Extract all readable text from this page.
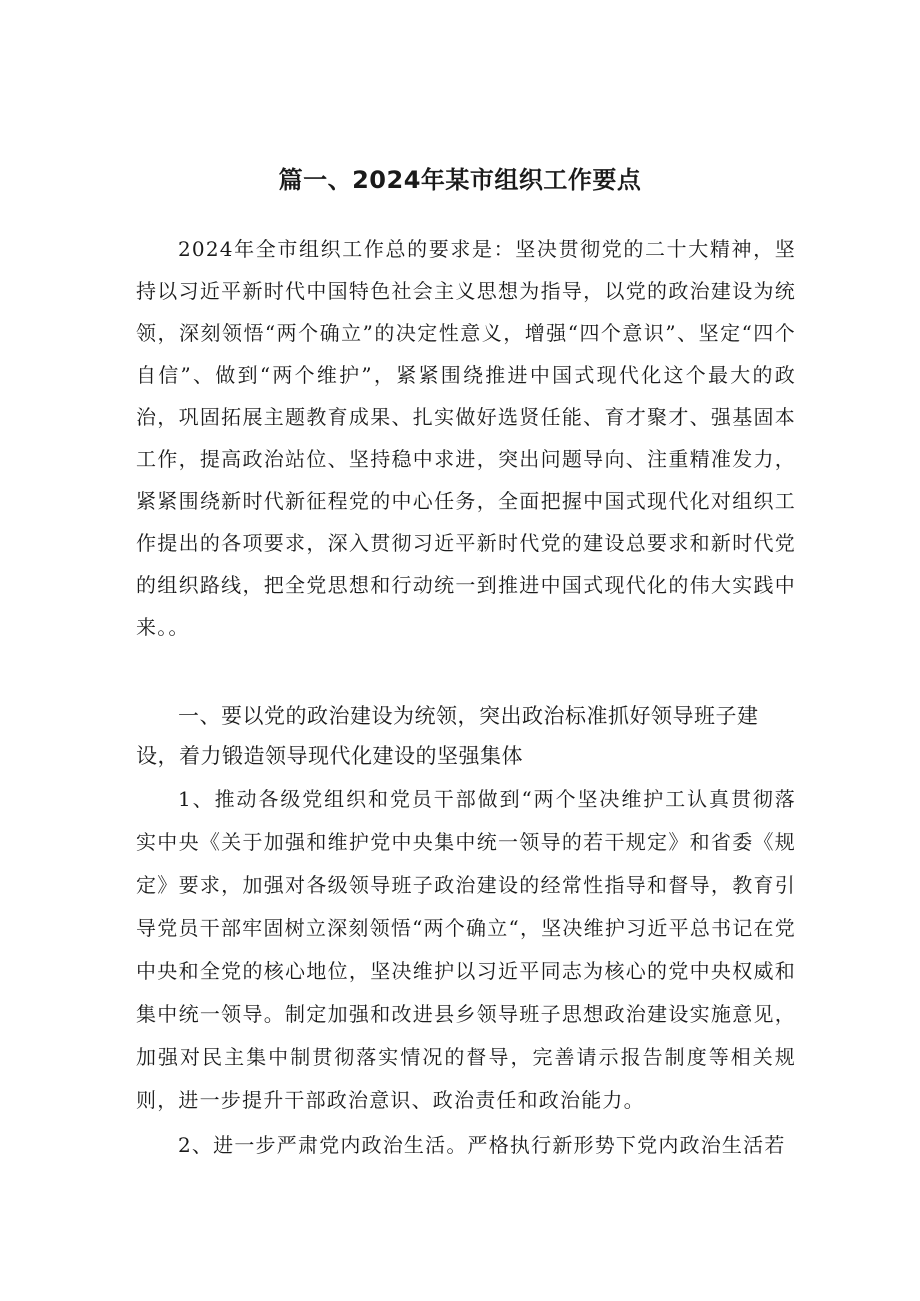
篇一、2024年某市组织工作要点
2024年全市组织工作总的要求是：坚决贯彻党的二十大精神，坚持以习近平新时代中国特色社会主义思想为指导，以党的政治建设为统领，深刻领悟“两个确立”的决定性意义，增强“四个意识”、坚定“四个自信”、做到“两个维护”，紧紧围绕推进中国式现代化这个最大的政治，巩固拓展主题教育成果、扎实做好选贤任能、育才聚才、强基固本工作，提高政治站位、坚持稳中求进，突出问题导向、注重精准发力，紧紧围绕新时代新征程党的中心任务，全面把握中国式现代化对组织工作提出的各项要求，深入贯彻习近平新时代党的建设总要求和新时代党的组织路线，把全党思想和行动统一到推进中国式现代化的伟大实践中来。。
一、要以党的政治建设为统领，突出政治标准抓好领导班子建设，着力锻造领导现代化建设的坚强集体
1、推动各级党组织和党员干部做到“两个坚决维护工认真贯彻落实中央《关于加强和维护党中央集中统一领导的若干规定》和省委《规定》要求，加强对各级领导班子政治建设的经常性指导和督导，教育引导党员干部牢固树立深刻领悟“两个确立“，坚决维护习近平总书记在党中央和全党的核心地位，坚决维护以习近平同志为核心的党中央权威和集中统一领导。制定加强和改进县乡领导班子思想政治建设实施意见，加强对民主集中制贯彻落实情况的督导，完善请示报告制度等相关规则，进一步提升干部政治意识、政治责任和政治能力。
2、进一步严肃党内政治生活。严格执行新形势下党内政治生活若
